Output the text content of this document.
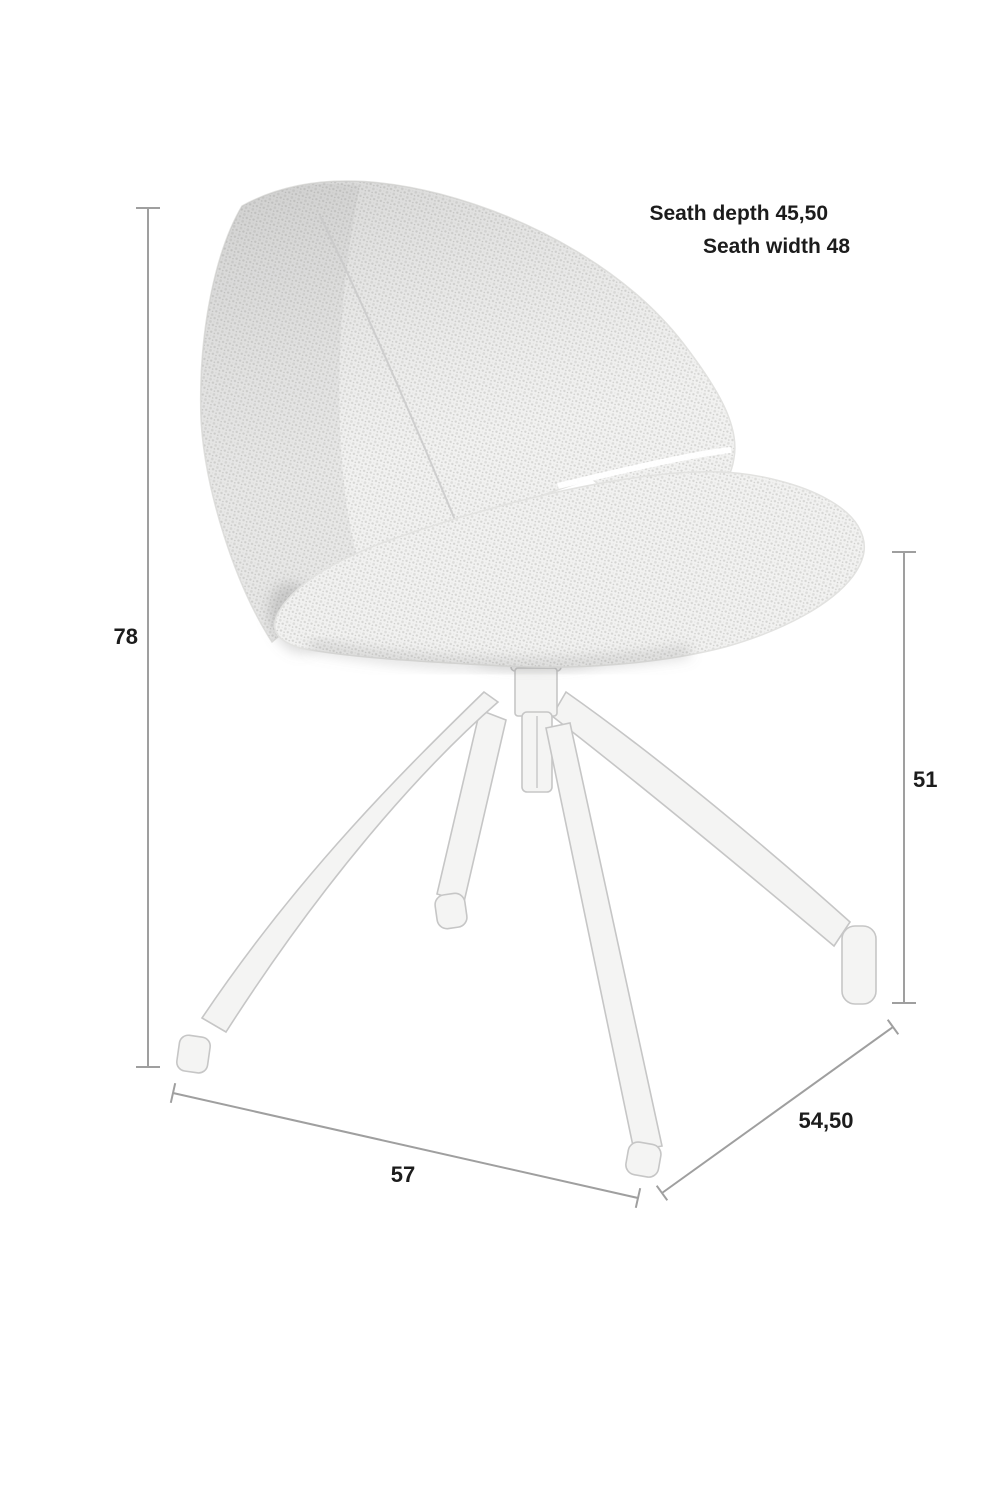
78
51
57
54,50
Seath depth 45,50
Seath width 48
